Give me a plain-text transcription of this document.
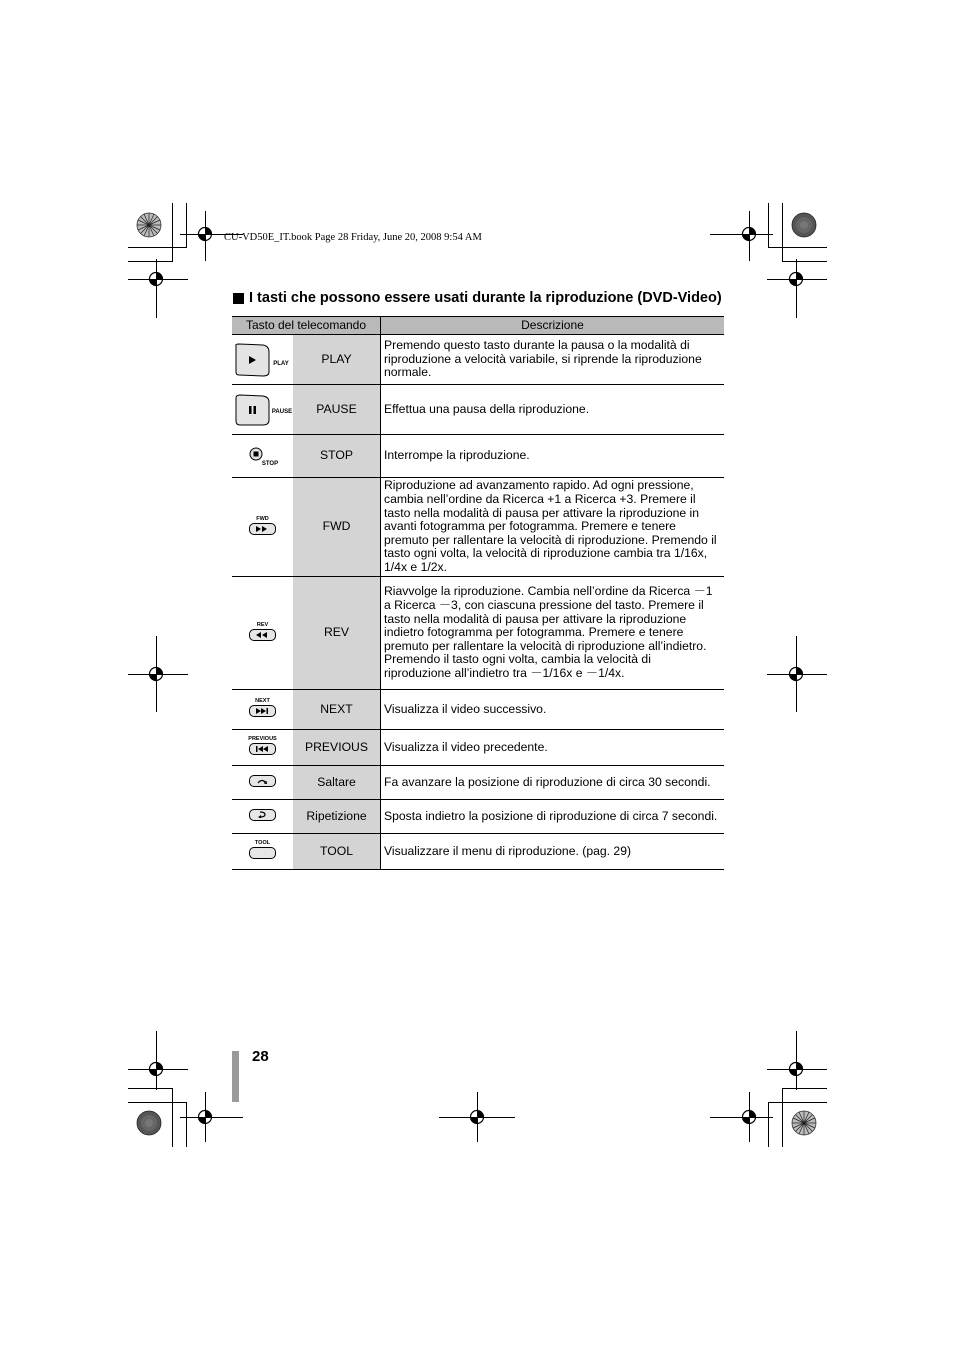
CU-VD50E_IT.book Page 28 Friday, June 20, 2008 9:54 AM
I tasti che possono essere usati durante la riproduzione (DVD-Video)
Tasto del telecomando		Descrizione

PLAY	PLAY	Premendo questo tasto durante la pausa o la modalità di riproduzione a velocità variabile, si riprende la riproduzione normale.

PAUSE	PAUSE	Effettua una pausa della riproduzione.

STOP	STOP	Interrompe la riproduzione.

FWD	FWD	Riproduzione ad avanzamento rapido. Ad ogni pressione, cambia nell’ordine da Ricerca +1 a Ricerca +3. Premere il tasto nella modalità di pausa per attivare la riproduzione in avanti fotogramma per fotogramma. Premere e tenere premuto per rallentare la velocità di riproduzione. Premendo il tasto ogni volta, la velocità di riproduzione cambia tra 1/16x, 1/4x e 1/2x.

REV	REV	Riavvolge la riproduzione. Cambia nell’ordine da Ricerca －1 a Ricerca －3, con ciascuna pressione del tasto. Premere il tasto nella modalità di pausa per attivare la riproduzione indietro fotogramma per fotogramma. Premere e tenere premuto per rallentare la velocità di riproduzione all’indietro. Premendo il tasto ogni volta, cambia la velocità di riproduzione all’indietro tra －1/16x e －1/4x.

NEXT	NEXT	Visualizza il video successivo.

PREVIOUS	PREVIOUS	Visualizza il video precedente.

	Saltare	Fa avanzare la posizione di riproduzione di circa 30 secondi.

	Ripetizione	Sposta indietro la posizione di riproduzione di circa 7 secondi.

TOOL	TOOL	Visualizzare il menu di riproduzione. (pag. 29)
28
